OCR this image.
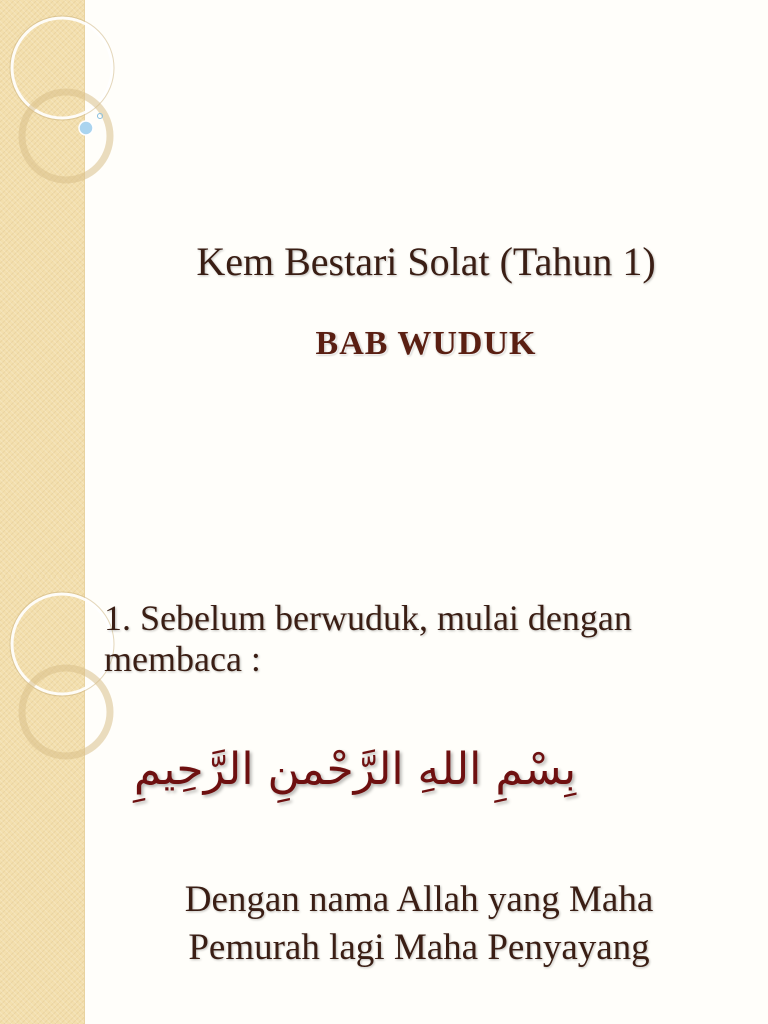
Kem Bestari Solat (Tahun 1)
BAB WUDUK
1. Sebelum berwuduk, mulai dengan membaca :
بِسْمِ اللهِ الرَّحْمنِ الرَّحِيمِ
Dengan nama Allah yang Maha
Pemurah lagi Maha Penyayang
